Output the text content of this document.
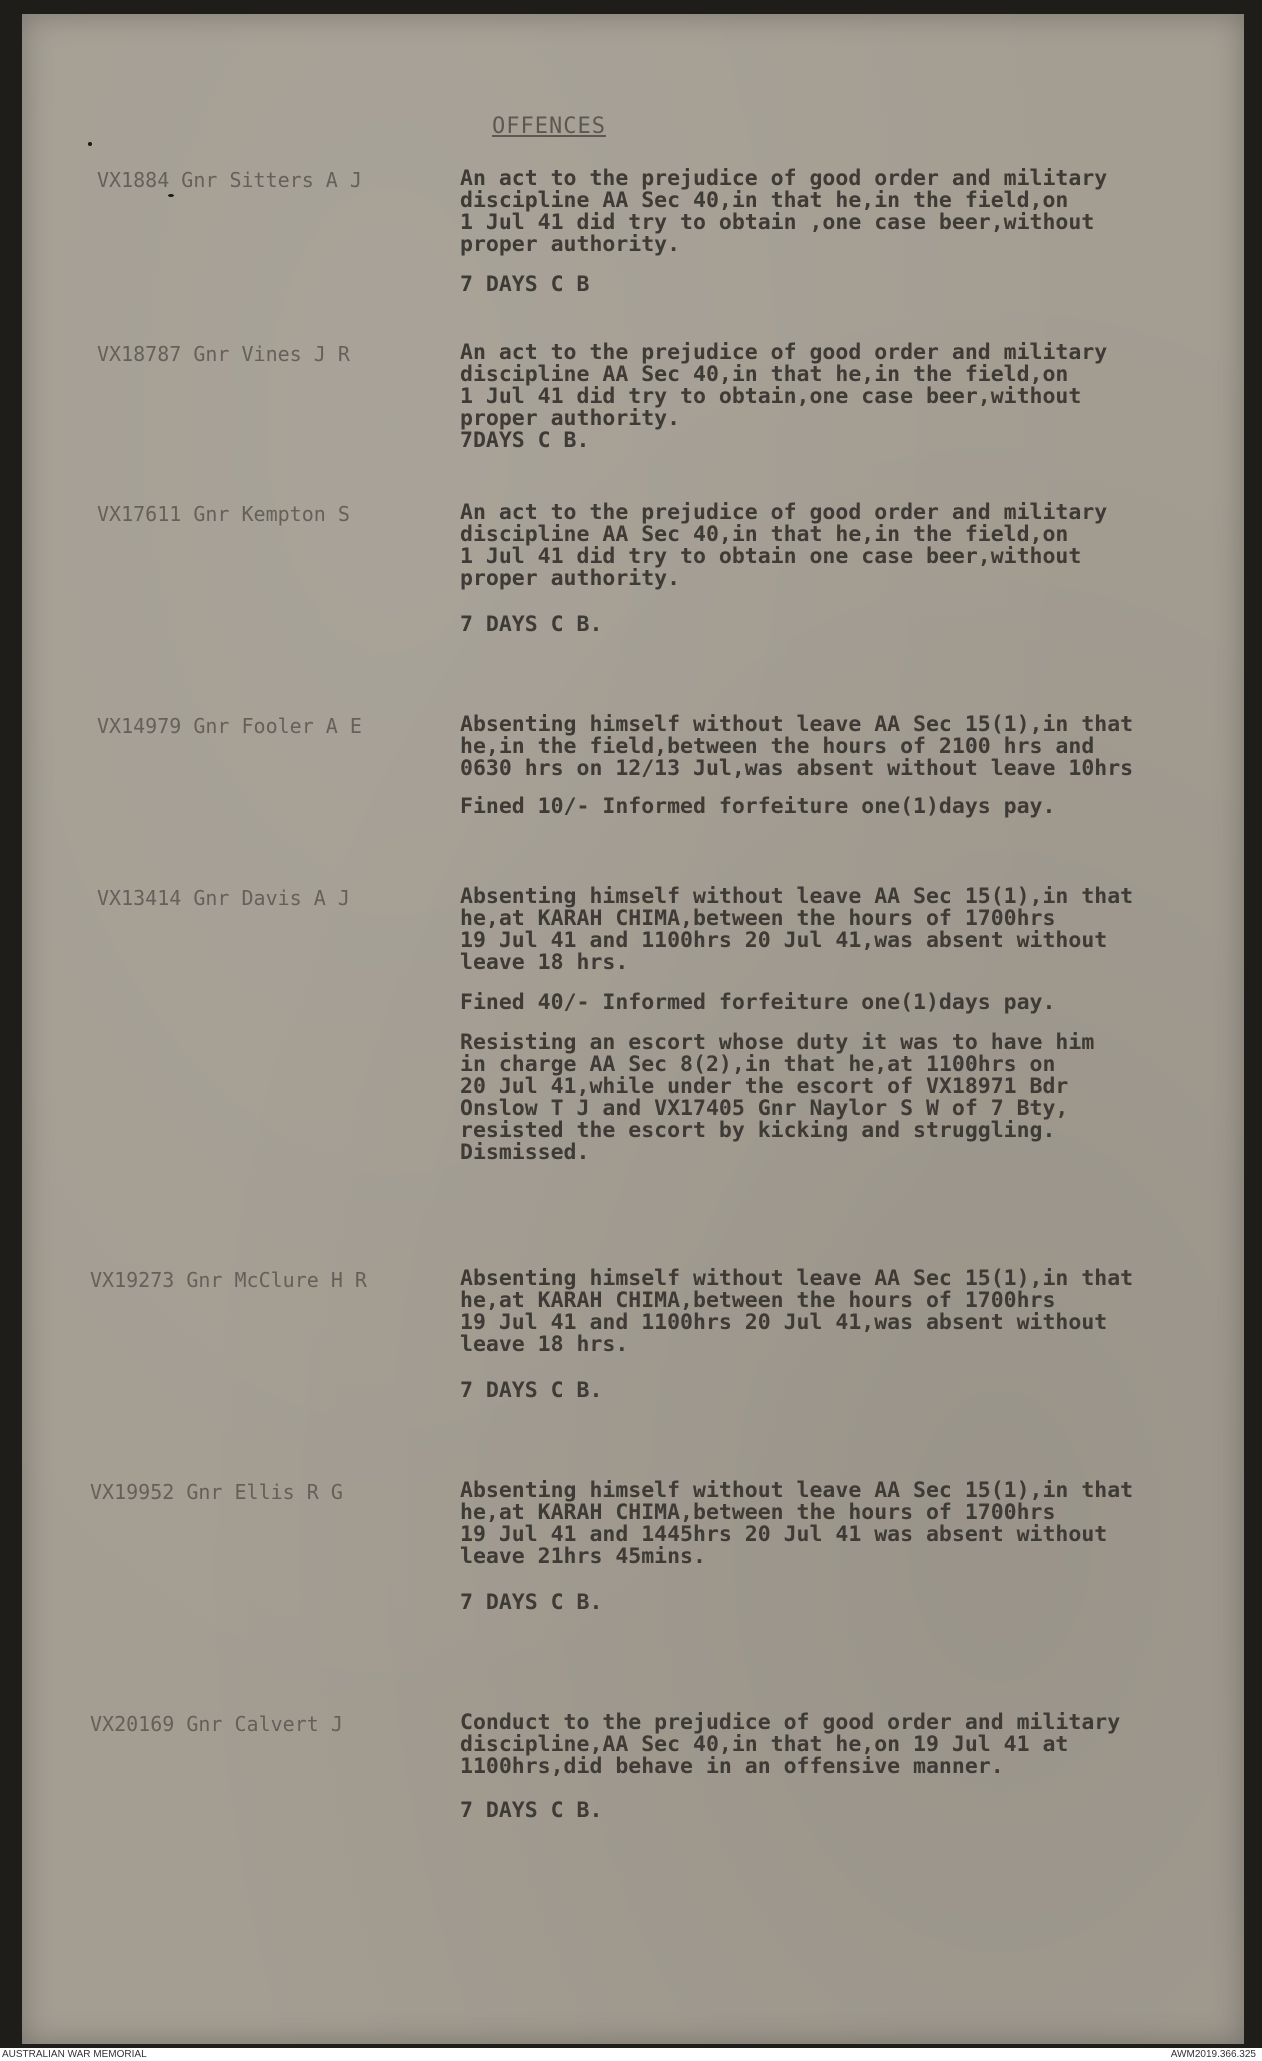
OFFENCES
VX1884 Gnr Sitters A J	An act to the prejudice of good order and military
discipline AA Sec 40,in that he,in the field,on
1 Jul 41 did try to obtain ,one case beer,without
proper authority.
7 DAYS C B
VX18787 Gnr Vines J R	An act to the prejudice of good order and military
discipline AA Sec 40,in that he,in the field,on
1 Jul 41 did try to obtain,one case beer,without
proper authority.
7DAYS C B.
VX17611 Gnr Kempton S	An act to the prejudice of good order and military
discipline AA Sec 40,in that he,in the field,on
1 Jul 41 did try to obtain one case beer,without
proper authority.
7 DAYS C B.
VX14979 Gnr Fooler A E	Absenting himself without leave AA Sec 15(1),in that
he,in the field,between the hours of 2100 hrs and
0630 hrs on 12/13 Jul,was absent without leave 10hrs
Fined 10/- Informed forfeiture one(1)days pay.
VX13414 Gnr Davis A J	Absenting himself without leave AA Sec 15(1),in that
he,at KARAH CHIMA,between the hours of 1700hrs
19 Jul 41 and 1100hrs 20 Jul 41,was absent without
leave 18 hrs.
Fined 40/- Informed forfeiture one(1)days pay.
Resisting an escort whose duty it was to have him
in charge AA Sec 8(2),in that he,at 1100hrs on
20 Jul 41,while under the escort of VX18971 Bdr
Onslow T J and VX17405 Gnr Naylor S W of 7 Bty,
resisted the escort by kicking and struggling.
Dismissed.
VX19273 Gnr McClure H R	Absenting himself without leave AA Sec 15(1),in that
he,at KARAH CHIMA,between the hours of 1700hrs
19 Jul 41 and 1100hrs 20 Jul 41,was absent without
leave 18 hrs.
7 DAYS C B.
VX19952 Gnr Ellis R G	Absenting himself without leave AA Sec 15(1),in that
he,at KARAH CHIMA,between the hours of 1700hrs
19 Jul 41 and 1445hrs 20 Jul 41 was absent without
leave 21hrs 45mins.
7 DAYS C B.
VX20169 Gnr Calvert J	Conduct to the prejudice of good order and military
discipline,AA Sec 40,in that he,on 19 Jul 41 at
1100hrs,did behave in an offensive manner.
7 DAYS C B.
AUSTRALIAN WAR MEMORIAL	AWM2019.366.325
